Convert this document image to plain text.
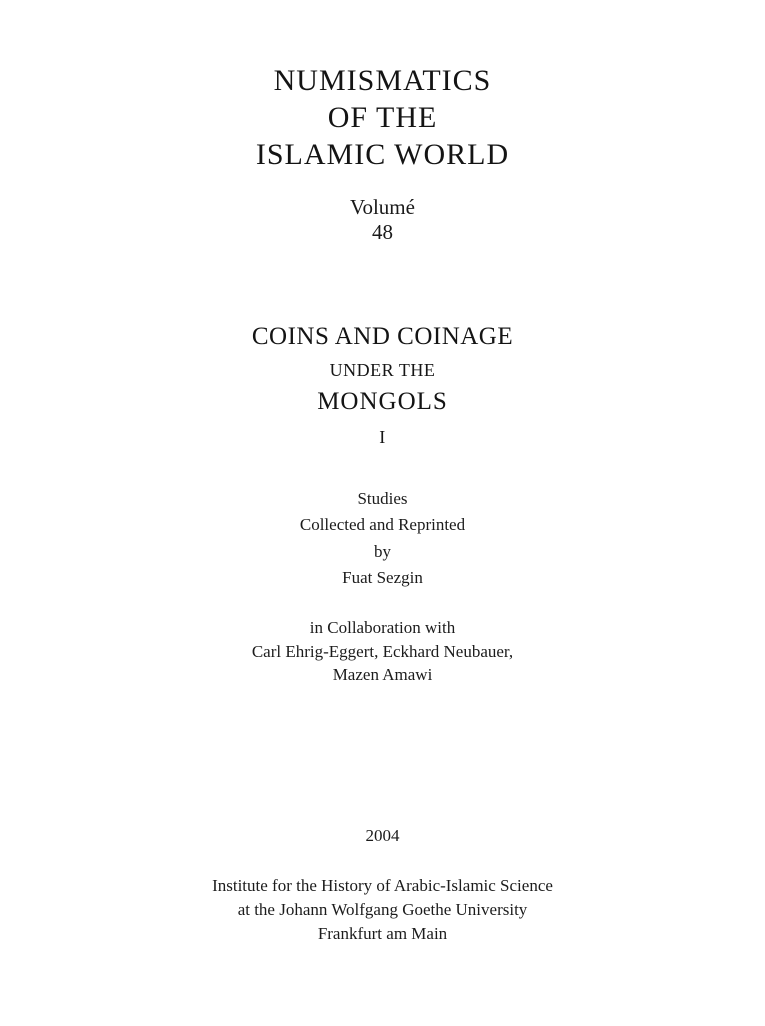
NUMISMATICS
OF THE
ISLAMIC WORLD
Volumé
48
COINS AND COINAGE
UNDER THE
MONGOLS
I
Studies
Collected and Reprinted
by
Fuat Sezgin
in Collaboration with
Carl Ehrig-Eggert, Eckhard Neubauer,
Mazen Amawi
2004
Institute for the History of Arabic-Islamic Science
at the Johann Wolfgang Goethe University
Frankfurt am Main
